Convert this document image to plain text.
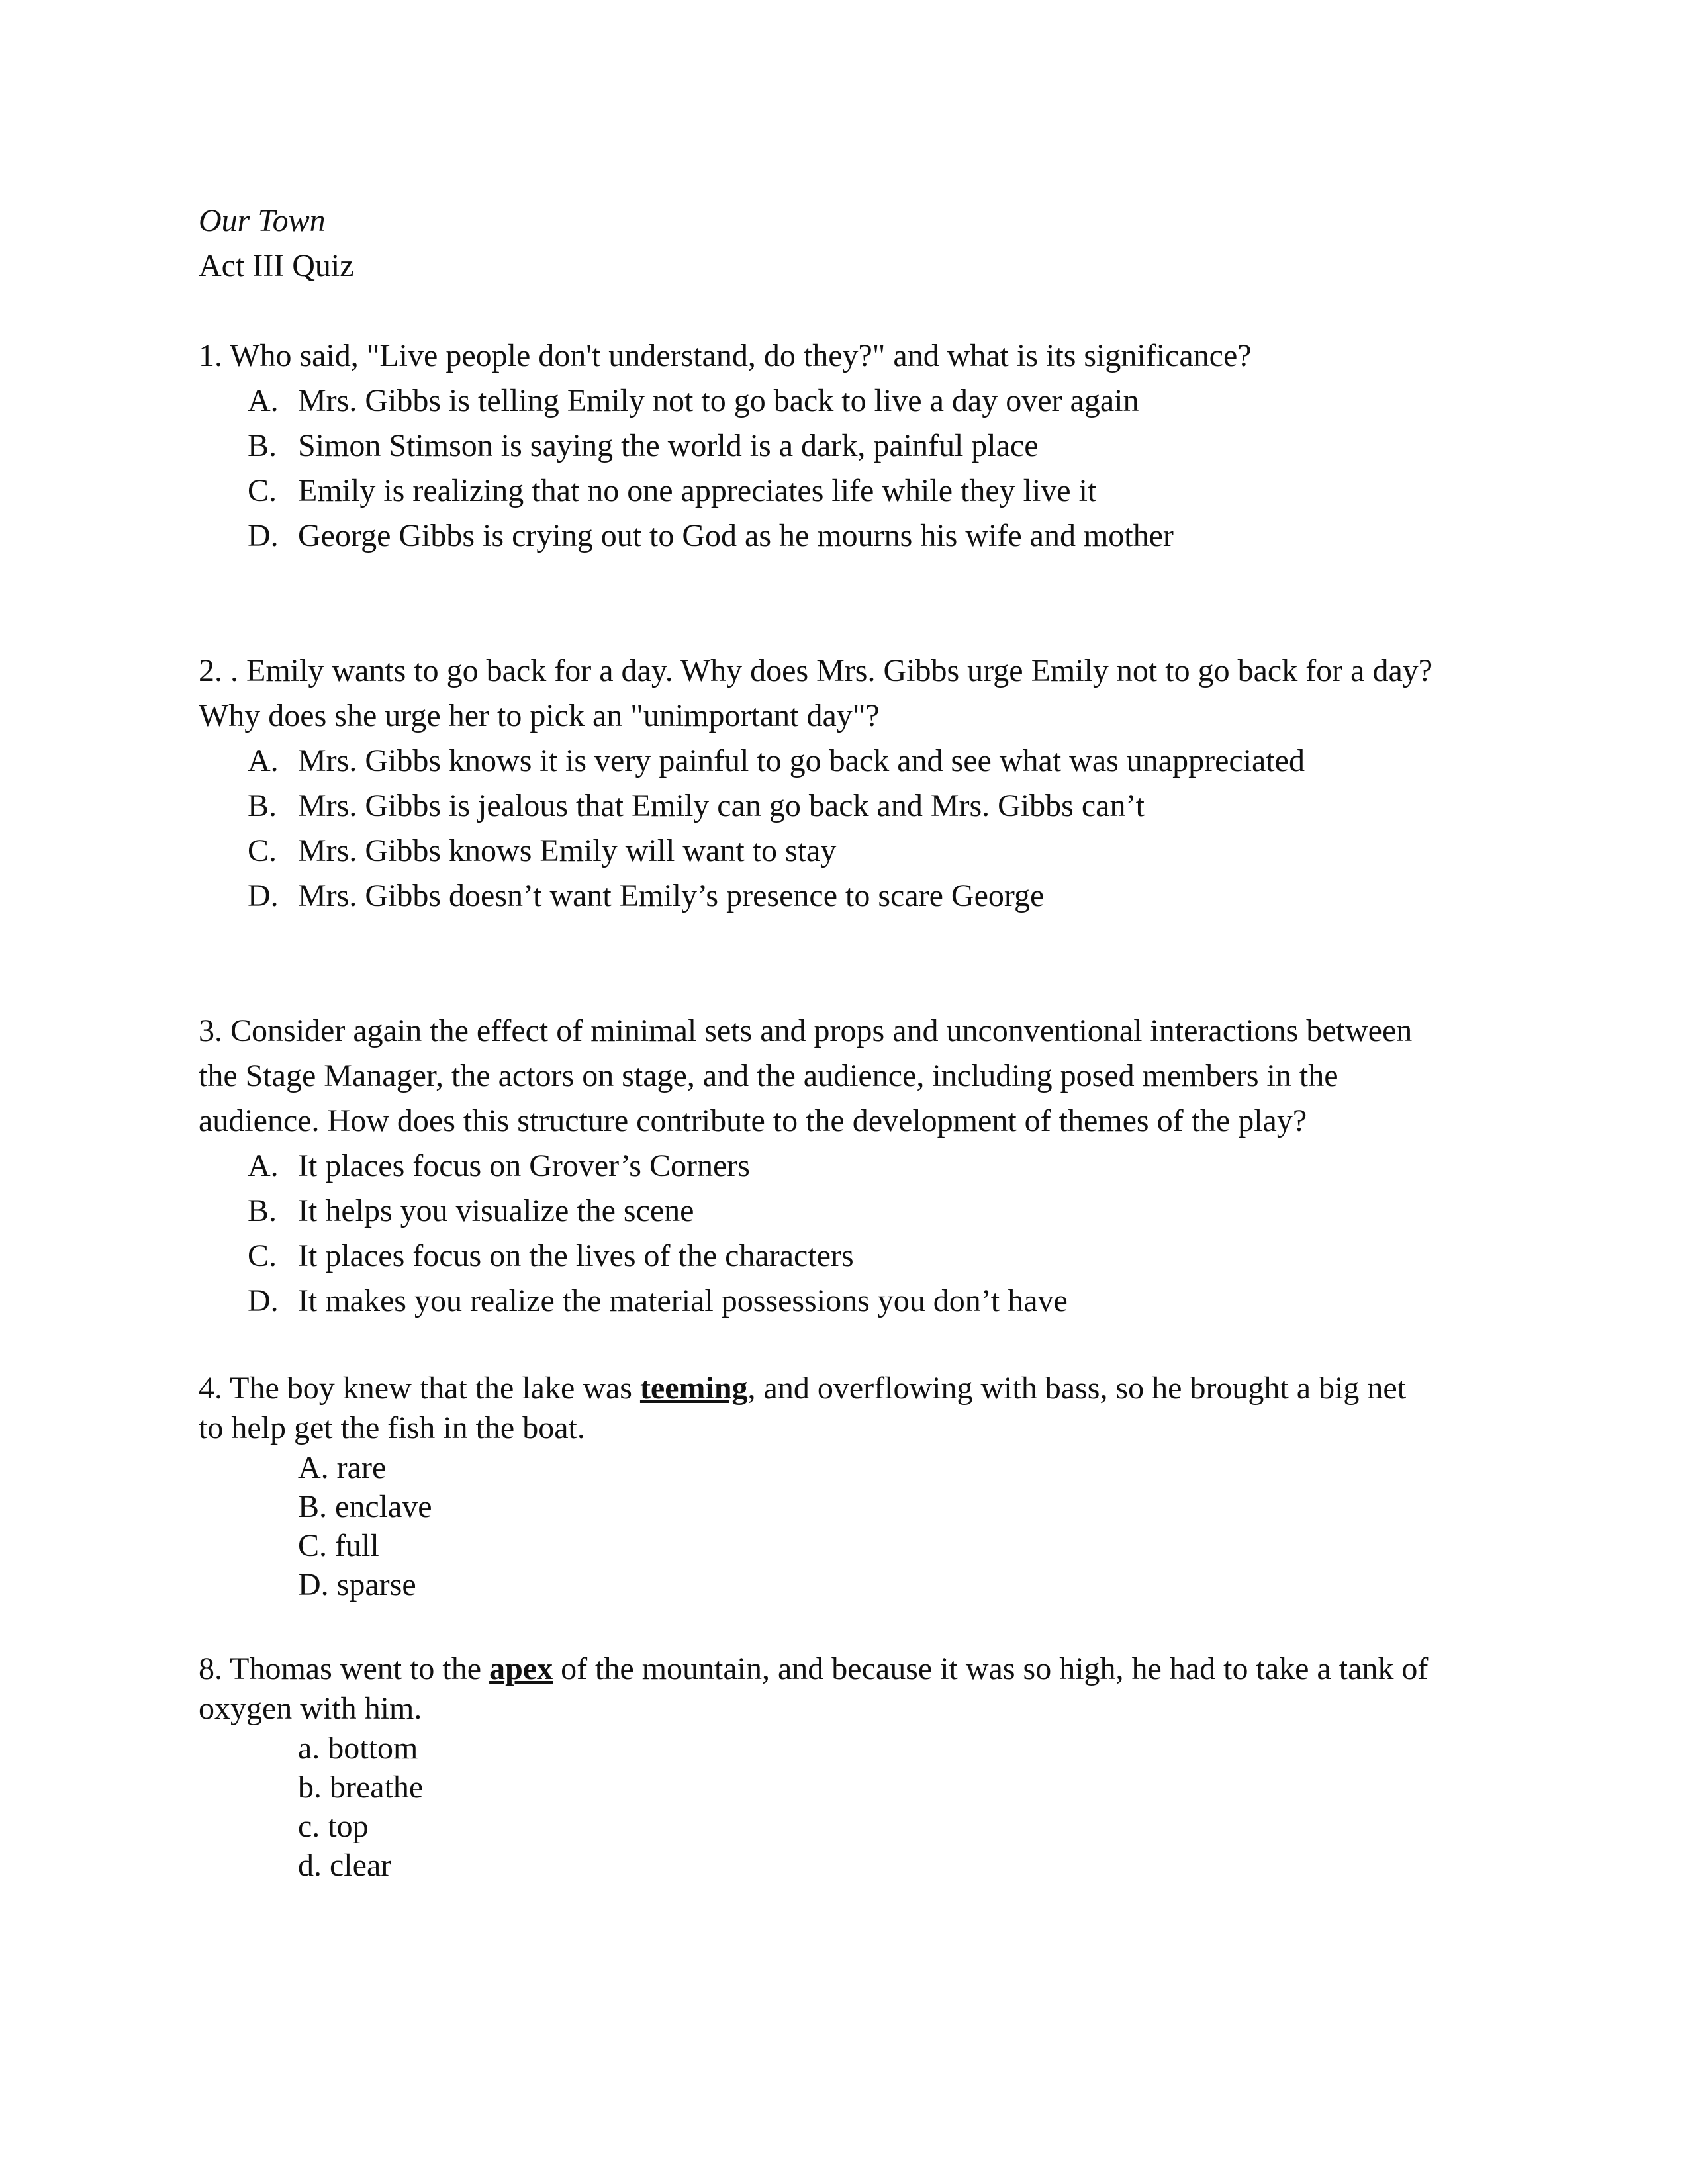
Our Town
Act III Quiz
1. Who said, "Live people don't understand, do they?" and what is its significance?
A. Mrs. Gibbs is telling Emily not to go back to live a day over again
B. Simon Stimson is saying the world is a dark, painful place
C. Emily is realizing that no one appreciates life while they live it
D. George Gibbs is crying out to God as he mourns his wife and mother
2. . Emily wants to go back for a day. Why does Mrs. Gibbs urge Emily not to go back for a day?
Why does she urge her to pick an "unimportant day"?
A. Mrs. Gibbs knows it is very painful to go back and see what was unappreciated
B. Mrs. Gibbs is jealous that Emily can go back and Mrs. Gibbs can’t
C. Mrs. Gibbs knows Emily will want to stay
D. Mrs. Gibbs doesn’t want Emily’s presence to scare George
3. Consider again the effect of minimal sets and props and unconventional interactions between
the Stage Manager, the actors on stage, and the audience, including posed members in the
audience. How does this structure contribute to the development of themes of the play?
A. It places focus on Grover’s Corners
B. It helps you visualize the scene
C. It places focus on the lives of the characters
D. It makes you realize the material possessions you don’t have
4. The boy knew that the lake was teeming, and overflowing with bass, so he brought a big net
to help get the fish in the boat.
A. rare
B. enclave
C. full
D. sparse
8. Thomas went to the apex of the mountain, and because it was so high, he had to take a tank of
oxygen with him.
a. bottom
b. breathe
c. top
d. clear
